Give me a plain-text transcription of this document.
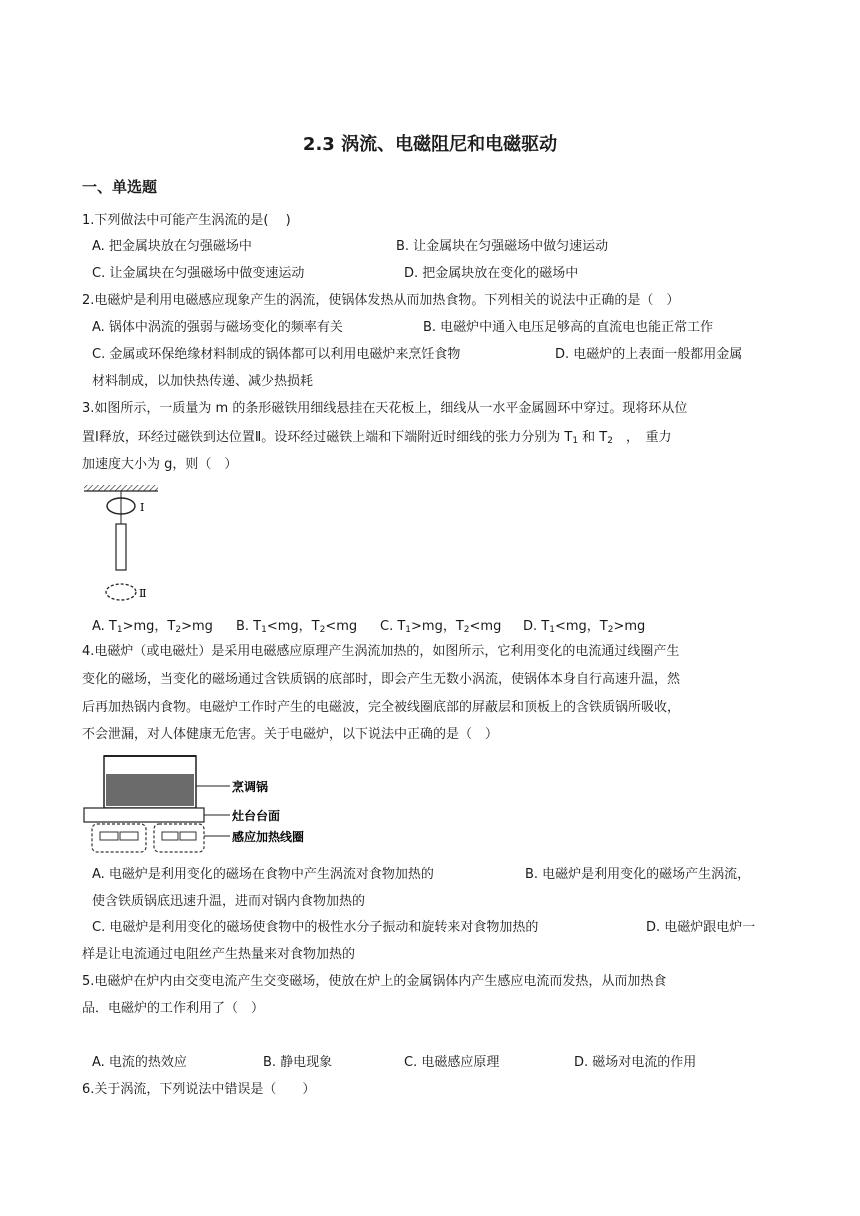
2.3 涡流、电磁阻尼和电磁驱动
一、单选题
1.下列做法中可能产生涡流的是(　 )
A. 把金属块放在匀强磁场中	B. 让金属块在匀强磁场中做匀速运动
C. 让金属块在匀强磁场中做变速运动	D. 把金属块放在变化的磁场中
2.电磁炉是利用电磁感应现象产生的涡流，使锅体发热从而加热食物。下列相关的说法中正确的是（　）
A. 锅体中涡流的强弱与磁场变化的频率有关	B. 电磁炉中通入电压足够高的直流电也能正常工作
C. 金属或环保绝缘材料制成的锅体都可以利用电磁炉来烹饪食物	D. 电磁炉的上表面一般都用金属
材料制成，以加快热传递、减少热损耗
3.如图所示，一质量为 m 的条形磁铁用细线悬挂在天花板上，细线从一水平金属圆环中穿过。现将环从位
置Ⅰ释放，环经过磁铁到达位置Ⅱ。设环经过磁铁上端和下端附近时细线的张力分别为 $T_1$ 和 $T_2$　，　重力
加速度大小为 g，则（　）
Ⅰ
Ⅱ
A. $T_1>mg$，$T_2>mg$ B. $T_1<mg$，$T_2<mg$ C. $T_1>mg$，$T_2<mg$ D. $T_1<mg$，$T_2>mg$
4.电磁炉（或电磁灶）是采用电磁感应原理产生涡流加热的，如图所示，它利用变化的电流通过线圈产生
变化的磁场，当变化的磁场通过含铁质锅的底部时，即会产生无数小涡流，使锅体本身自行高速升温，然
后再加热锅内食物。电磁炉工作时产生的电磁波，完全被线圈底部的屏蔽层和顶板上的含铁质锅所吸收，
不会泄漏，对人体健康无危害。关于电磁炉，以下说法中正确的是（　）
烹调锅
灶台台面
感应加热线圈
A. 电磁炉是利用变化的磁场在食物中产生涡流对食物加热的	B. 电磁炉是利用变化的磁场产生涡流，
使含铁质锅底迅速升温，进而对锅内食物加热的
C. 电磁炉是利用变化的磁场使食物中的极性水分子振动和旋转来对食物加热的	D. 电磁炉跟电炉一
样是让电流通过电阻丝产生热量来对食物加热的
5.电磁炉在炉内由交变电流产生交变磁场，使放在炉上的金属锅体内产生感应电流而发热，从而加热食
品．电磁炉的工作利用了（　）
A. 电流的热效应	B. 静电现象	C. 电磁感应原理	D. 磁场对电流的作用
6.关于涡流，下列说法中错误是（　　）
